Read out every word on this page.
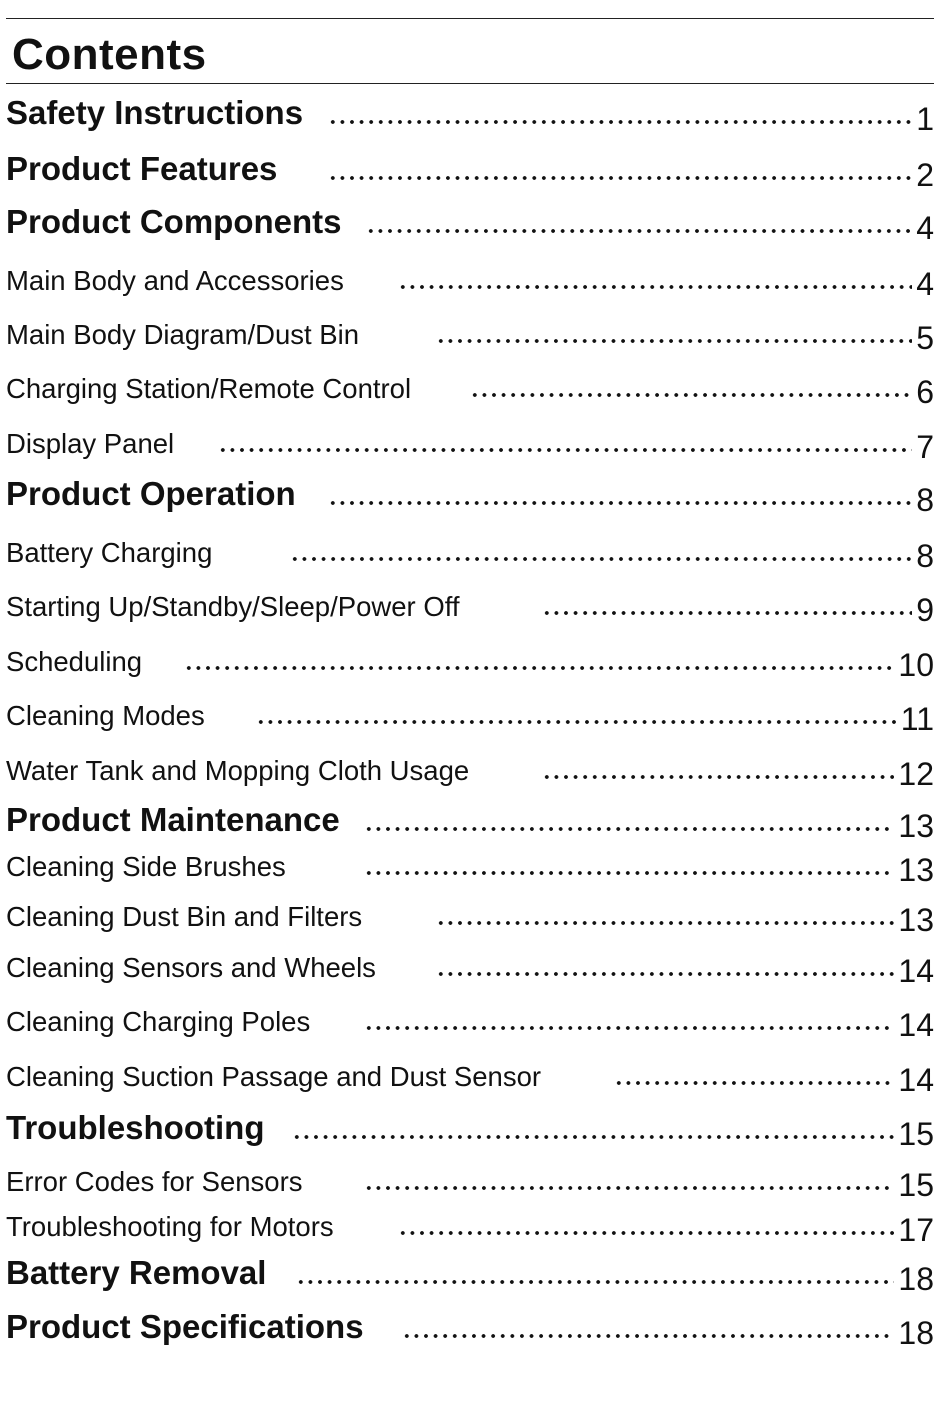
Contents
Safety Instructions	1
Product Features	2
Product Components	4
Main Body and Accessories	4
Main Body Diagram/Dust Bin	5
Charging Station/Remote Control	6
Display Panel	7
Product Operation	8
Battery Charging	8
Starting Up/Standby/Sleep/Power Off	9
Scheduling	10
Cleaning Modes	11
Water Tank and Mopping Cloth Usage	12
Product Maintenance	13
Cleaning Side Brushes	13
Cleaning Dust Bin and Filters	13
Cleaning Sensors and Wheels	14
Cleaning Charging Poles	14
Cleaning Suction Passage and Dust Sensor	14
Troubleshooting	15
Error Codes for Sensors	15
Troubleshooting for Motors	17
Battery Removal	18
Product Specifications	18
